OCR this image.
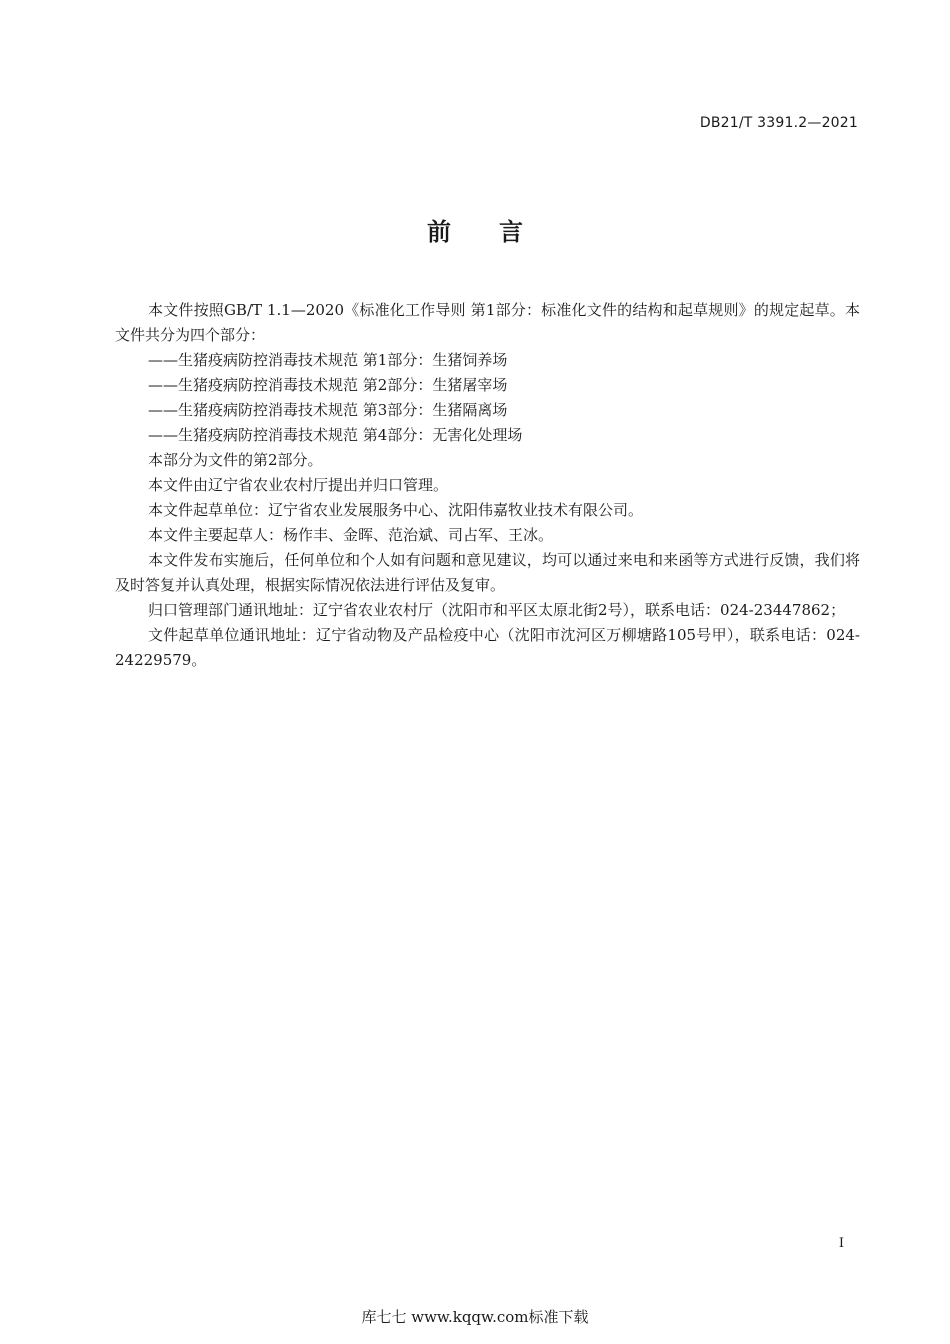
DB21/T 3391.2—2021
前言

本文件按照GB/T 1.1—2020《标准化工作导则 第1部分：标准化文件的结构和起草规则》的规定起草。本文件共分为四个部分：

——生猪疫病防控消毒技术规范 第1部分：生猪饲养场

——生猪疫病防控消毒技术规范 第2部分：生猪屠宰场

——生猪疫病防控消毒技术规范 第3部分：生猪隔离场

——生猪疫病防控消毒技术规范 第4部分：无害化处理场

本部分为文件的第2部分。

本文件由辽宁省农业农村厅提出并归口管理。

本文件起草单位：辽宁省农业发展服务中心、沈阳伟嘉牧业技术有限公司。

本文件主要起草人：杨作丰、金晖、范治斌、司占军、王冰。

本文件发布实施后，任何单位和个人如有问题和意见建议，均可以通过来电和来函等方式进行反馈，我们将及时答复并认真处理，根据实际情况依法进行评估及复审。

归口管理部门通讯地址：辽宁省农业农村厅（沈阳市和平区太原北街2号），联系电话：024-23447862；

文件起草单位通讯地址：辽宁省动物及产品检疫中心（沈阳市沈河区万柳塘路105号甲），联系电话：024-24229579。

I
库七七 www.kqqw.com标准下载
